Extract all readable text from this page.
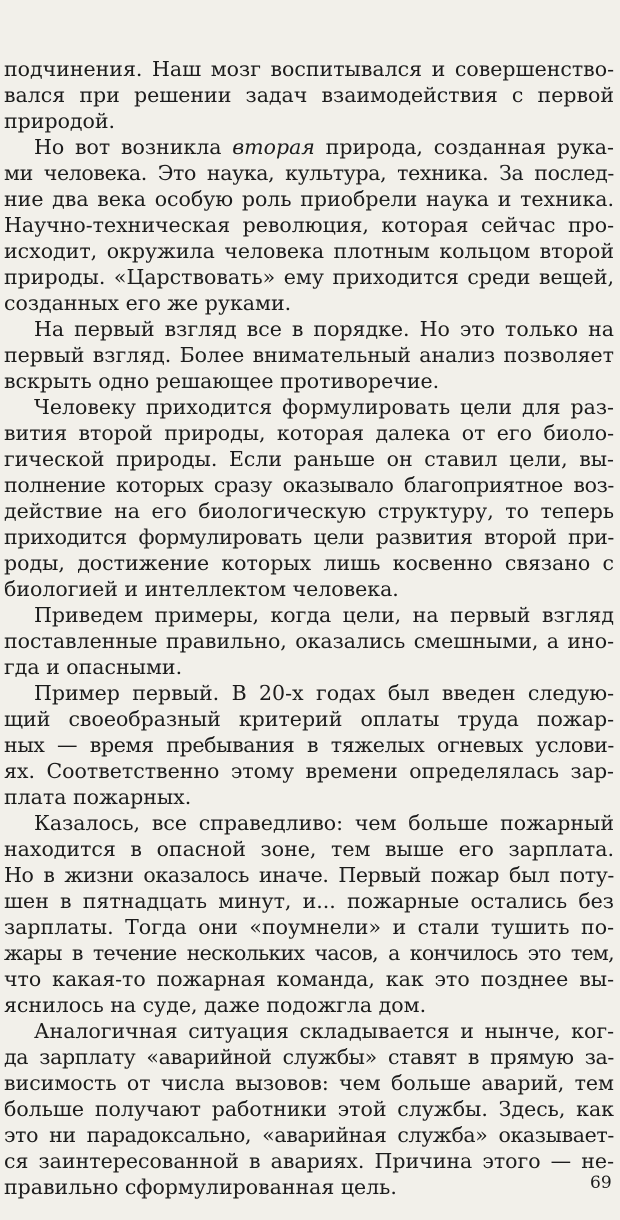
подчинения. Наш мозг воспитывался и совершенство-
вался при решении задач взаимодействия с первой
природой.
Но вот возникла вторая природа, созданная рука-
ми человека. Это наука, культура, техника. За послед-
ние два века особую роль приобрели наука и техника.
Научно-техническая революция, которая сейчас про-
исходит, окружила человека плотным кольцом второй
природы. «Царствовать» ему приходится среди вещей,
созданных его же руками.
На первый взгляд все в порядке. Но это только на
первый взгляд. Более внимательный анализ позволяет
вскрыть одно решающее противоречие.
Человеку приходится формулировать цели для раз-
вития второй природы, которая далека от его биоло-
гической природы. Если раньше он ставил цели, вы-
полнение которых сразу оказывало благоприятное воз-
действие на его биологическую структуру, то теперь
приходится формулировать цели развития второй при-
роды, достижение которых лишь косвенно связано с
биологией и интеллектом человека.
Приведем примеры, когда цели, на первый взгляд
поставленные правильно, оказались смешными, а ино-
гда и опасными.
Пример первый. В 20-х годах был введен следую-
щий своеобразный критерий оплаты труда пожар-
ных — время пребывания в тяжелых огневых услови-
ях. Соответственно этому времени определялась зар-
плата пожарных.
Казалось, все справедливо: чем больше пожарный
находится в опасной зоне, тем выше его зарплата.
Но в жизни оказалось иначе. Первый пожар был поту-
шен в пятнадцать минут, и... пожарные остались без
зарплаты. Тогда они «поумнели» и стали тушить по-
жары в течение нескольких часов, а кончилось это тем,
что какая-то пожарная команда, как это позднее вы-
яснилось на суде, даже подожгла дом.
Аналогичная ситуация складывается и нынче, ког-
да зарплату «аварийной службы» ставят в прямую за-
висимость от числа вызовов: чем больше аварий, тем
больше получают работники этой службы. Здесь, как
это ни парадоксально, «аварийная служба» оказывает-
ся заинтересованной в авариях. Причина этого — не-
правильно сформулированная цель.	69
